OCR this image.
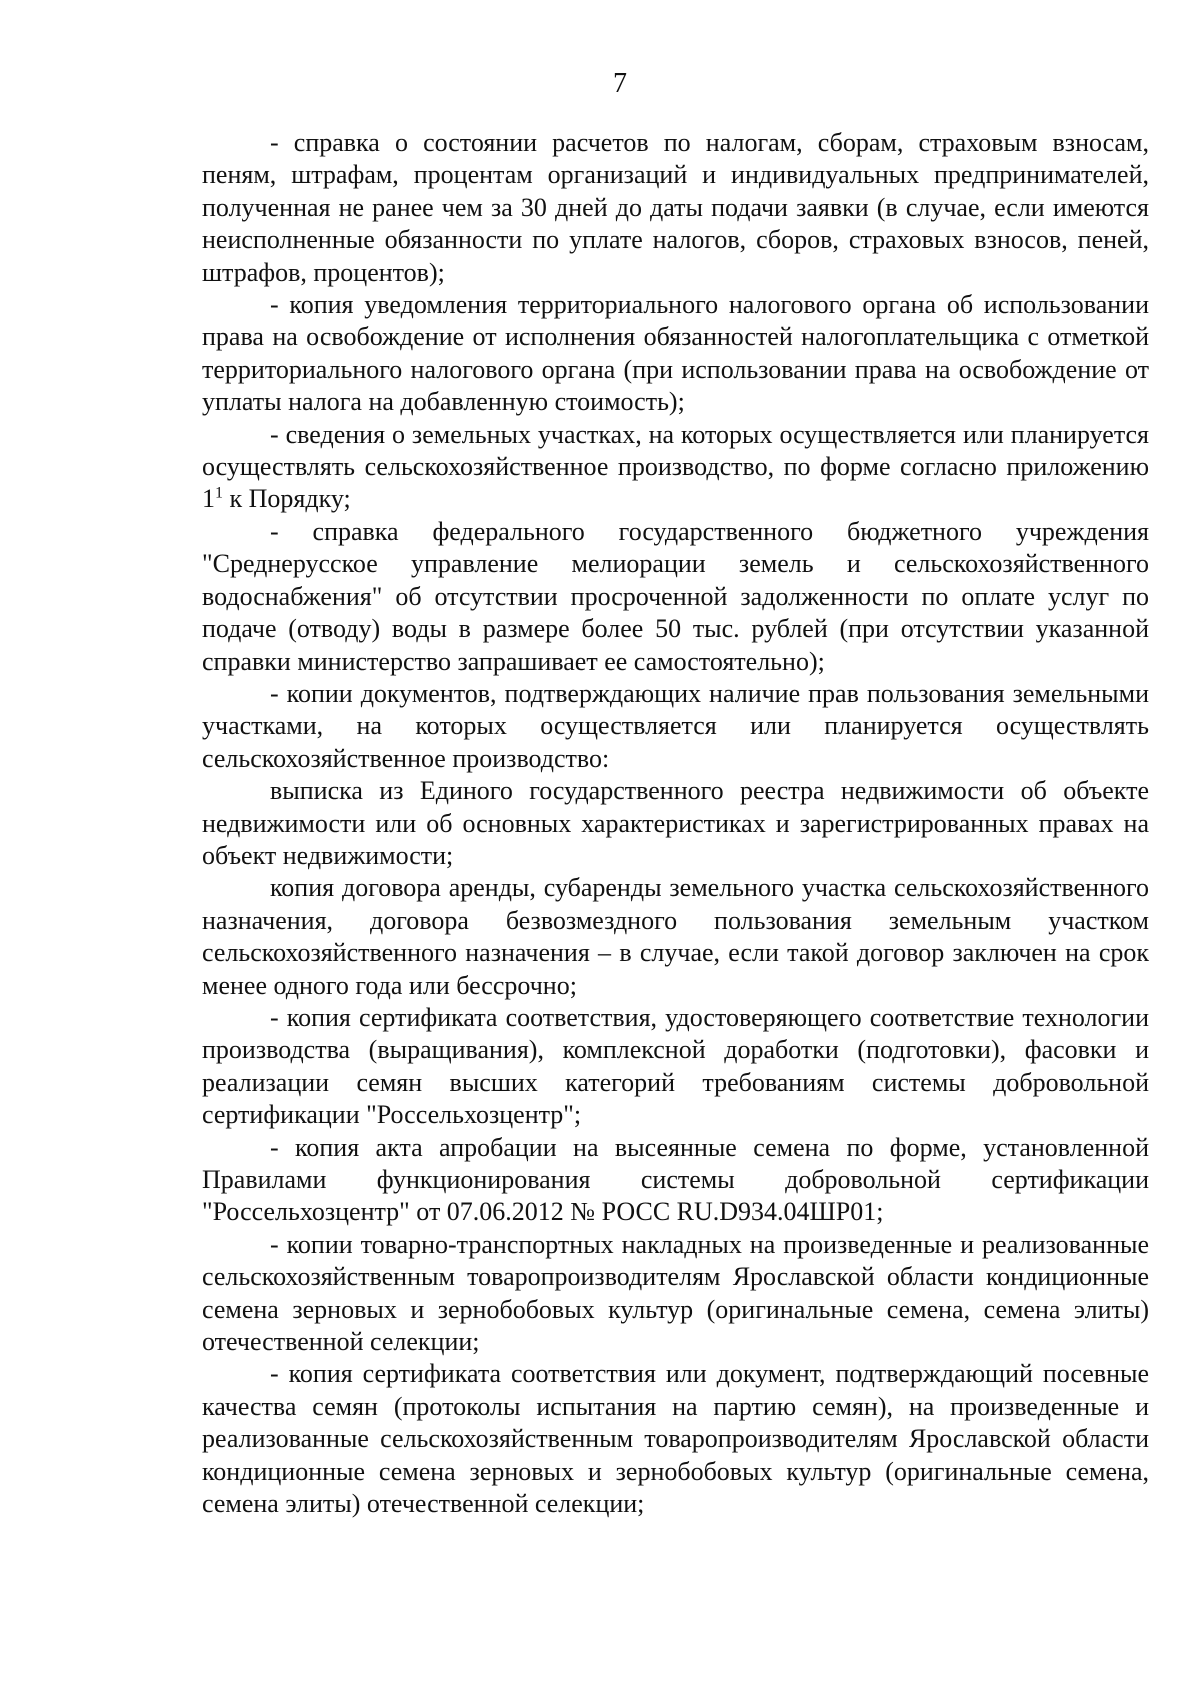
7

- справка о состоянии расчетов по налогам, сборам, страховым взносам, пеням, штрафам, процентам организаций и индивидуальных предпринимателей, полученная не ранее чем за 30 дней до даты подачи заявки (в случае, если имеются неисполненные обязанности по уплате налогов, сборов, страховых взносов, пеней, штрафов, процентов);

- копия уведомления территориального налогового органа об использовании права на освобождение от исполнения обязанностей налогоплательщика с отметкой территориального налогового органа (при использовании права на освобождение от уплаты налога на добавленную стоимость);

- сведения о земельных участках, на которых осуществляется или планируется осуществлять сельскохозяйственное производство, по форме согласно приложению $1^1$ к Порядку;

- справка федерального государственного бюджетного учреждения "Среднерусское управление мелиорации земель и сельскохозяйственного водоснабжения" об отсутствии просроченной задолженности по оплате услуг по подаче (отводу) воды в размере более 50 тыс. рублей (при отсутствии указанной справки министерство запрашивает ее самостоятельно);

- копии документов, подтверждающих наличие прав пользования земельными участками, на которых осуществляется или планируется осуществлять сельскохозяйственное производство:

выписка из Единого государственного реестра недвижимости об объекте недвижимости или об основных характеристиках и зарегистрированных правах на объект недвижимости;

копия договора аренды, субаренды земельного участка сельскохозяйственного назначения, договора безвозмездного пользования земельным участком сельскохозяйственного назначения – в случае, если такой договор заключен на срок менее одного года или бессрочно;

- копия сертификата соответствия, удостоверяющего соответствие технологии производства (выращивания), комплексной доработки (подготовки), фасовки и реализации семян высших категорий требованиям системы добровольной сертификации "Россельхозцентр";

- копия акта апробации на высеянные семена по форме, установленной Правилами функционирования системы добровольной сертификации "Россельхозцентр" от 07.06.2012 № РОСС RU.D934.04ШР01;

- копии товарно-транспортных накладных на произведенные и реализованные сельскохозяйственным товаропроизводителям Ярославской области кондиционные семена зерновых и зернобобовых культур (оригинальные семена, семена элиты) отечественной селекции;

- копия сертификата соответствия или документ, подтверждающий посевные качества семян (протоколы испытания на партию семян), на произведенные и реализованные сельскохозяйственным товаропроизводителям Ярославской области кондиционные семена зерновых и зернобобовых культур (оригинальные семена, семена элиты) отечественной селекции;
